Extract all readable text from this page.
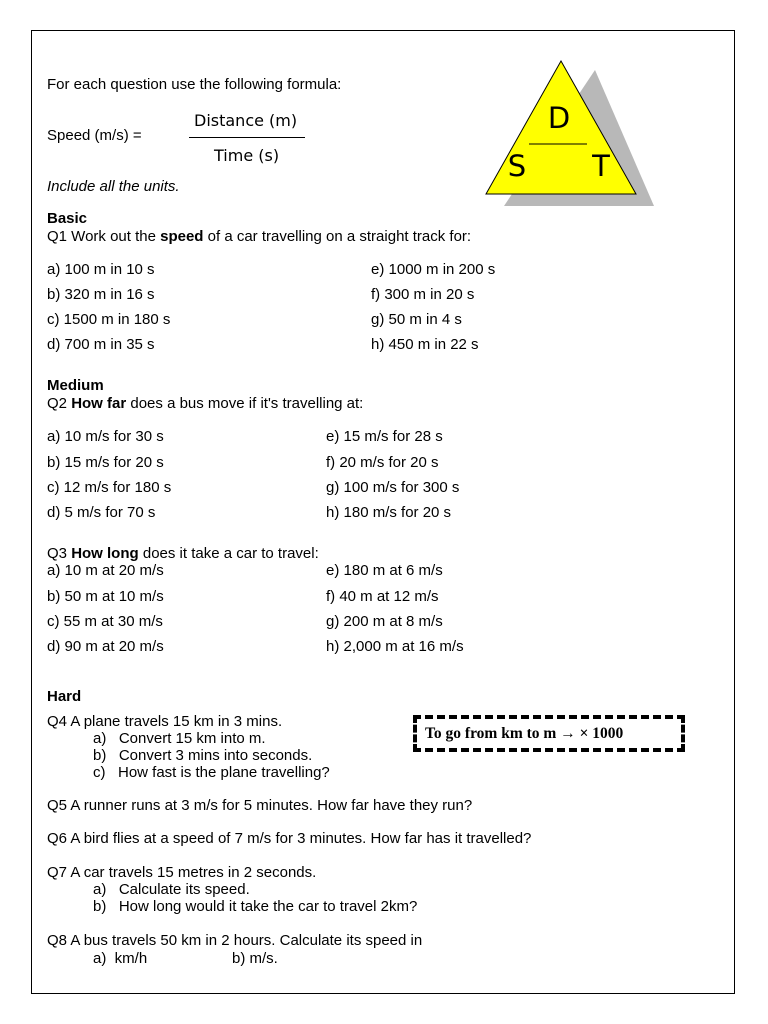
For each question use the following formula:
Speed (m/s) =
Distance (m)
Time (s)
Include all the units.
D
S T
Basic
Q1 Work out the speed of a car travelling on a straight track for:
a) 100 m in 10 s
b) 320 m in 16 s
c) 1500 m in 180 s
d) 700 m in 35 s
e) 1000 m in 200 s
f) 300 m in 20 s
g) 50 m in 4 s
h) 450 m in 22 s
Medium
Q2 How far does a bus move if it's travelling at:
a) 10 m/s for 30 s
b) 15 m/s for 20 s
c) 12 m/s for 180 s
d) 5 m/s for 70 s
e) 15 m/s for 28 s
f) 20 m/s for 20 s
g) 100 m/s for 300 s
h) 180 m/s for 20 s
Q3 How long does it take a car to travel:
a) 10 m at 20 m/s
b) 50 m at 10 m/s
c) 55 m at 30 m/s
d) 90 m at 20 m/s
e) 180 m at 6 m/s
f) 40 m at 12 m/s
g) 200 m at 8 m/s
h) 2,000 m at 16 m/s
Hard
Q4 A plane travels 15 km in 3 mins.
a)   Convert 15 km into m.
b)   Convert 3 mins into seconds.
c)   How fast is the plane travelling?
To go from km to m → × 1000
Q5 A runner runs at 3 m/s for 5 minutes. How far have they run?
Q6 A bird flies at a speed of 7 m/s for 3 minutes. How far has it travelled?
Q7 A car travels 15 metres in 2 seconds.
a)   Calculate its speed.
b)   How long would it take the car to travel 2km?
Q8 A bus travels 50 km in 2 hours. Calculate its speed in
a)  km/h	b) m/s.
